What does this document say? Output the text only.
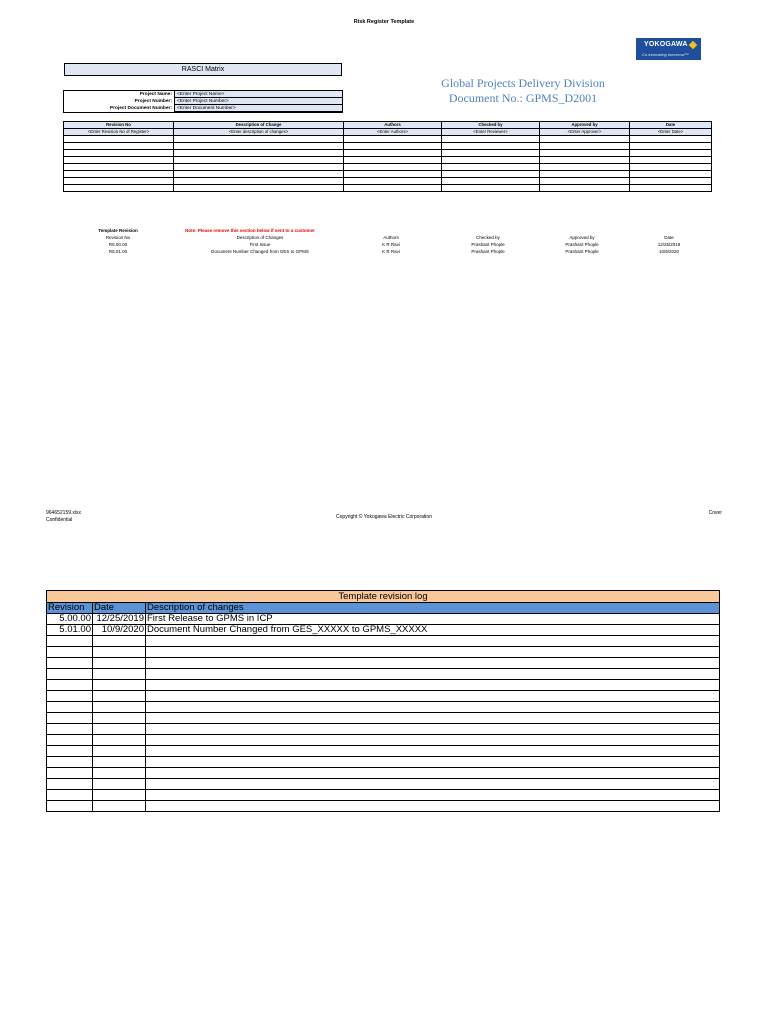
Risk Register Template
YOKOGAWA
Co-innovating tomorrow™
RASCI Matrix
Global Projects Delivery Division
Document No.: GPMS_D2001
Project Name:	<Enter Project Name>
Project Number:	<Enter Project Number>
Project Document Number:	<Enter Document Number>
Revision No	Description of Change	Authors	Checked by	Approved by	Date
<Enter Revision No of Register>	<Enter description of changes>	<Enter Authors>	<Enter Reviewer>	<Enter Approver>	<Enter Date>

Template Revision	Note: Please remove this section below if sent to a customer
Revision No	Description of Changes	Authors	Checked by	Approved by	Date
R5.00.00	First Issue	K R Ravi	Prashant Phople	Prashant Phople	12/25/2019
R5.01.00	Document Number Changed from GES to GPMS	K R Ravi	Prashant Phople	Prashant Phople	10/9/2020
964652159.xlsx
Confidential	Copyright © Yokogawa Electric Corporation
Cover
Template revision log		
Revision	Date	Description of changes
5.00.00	12/25/2019	First Release to GPMS in ICP
5.01.00	10/9/2020	Document Number Changed from GES_XXXXX to GPMS_XXXXX
